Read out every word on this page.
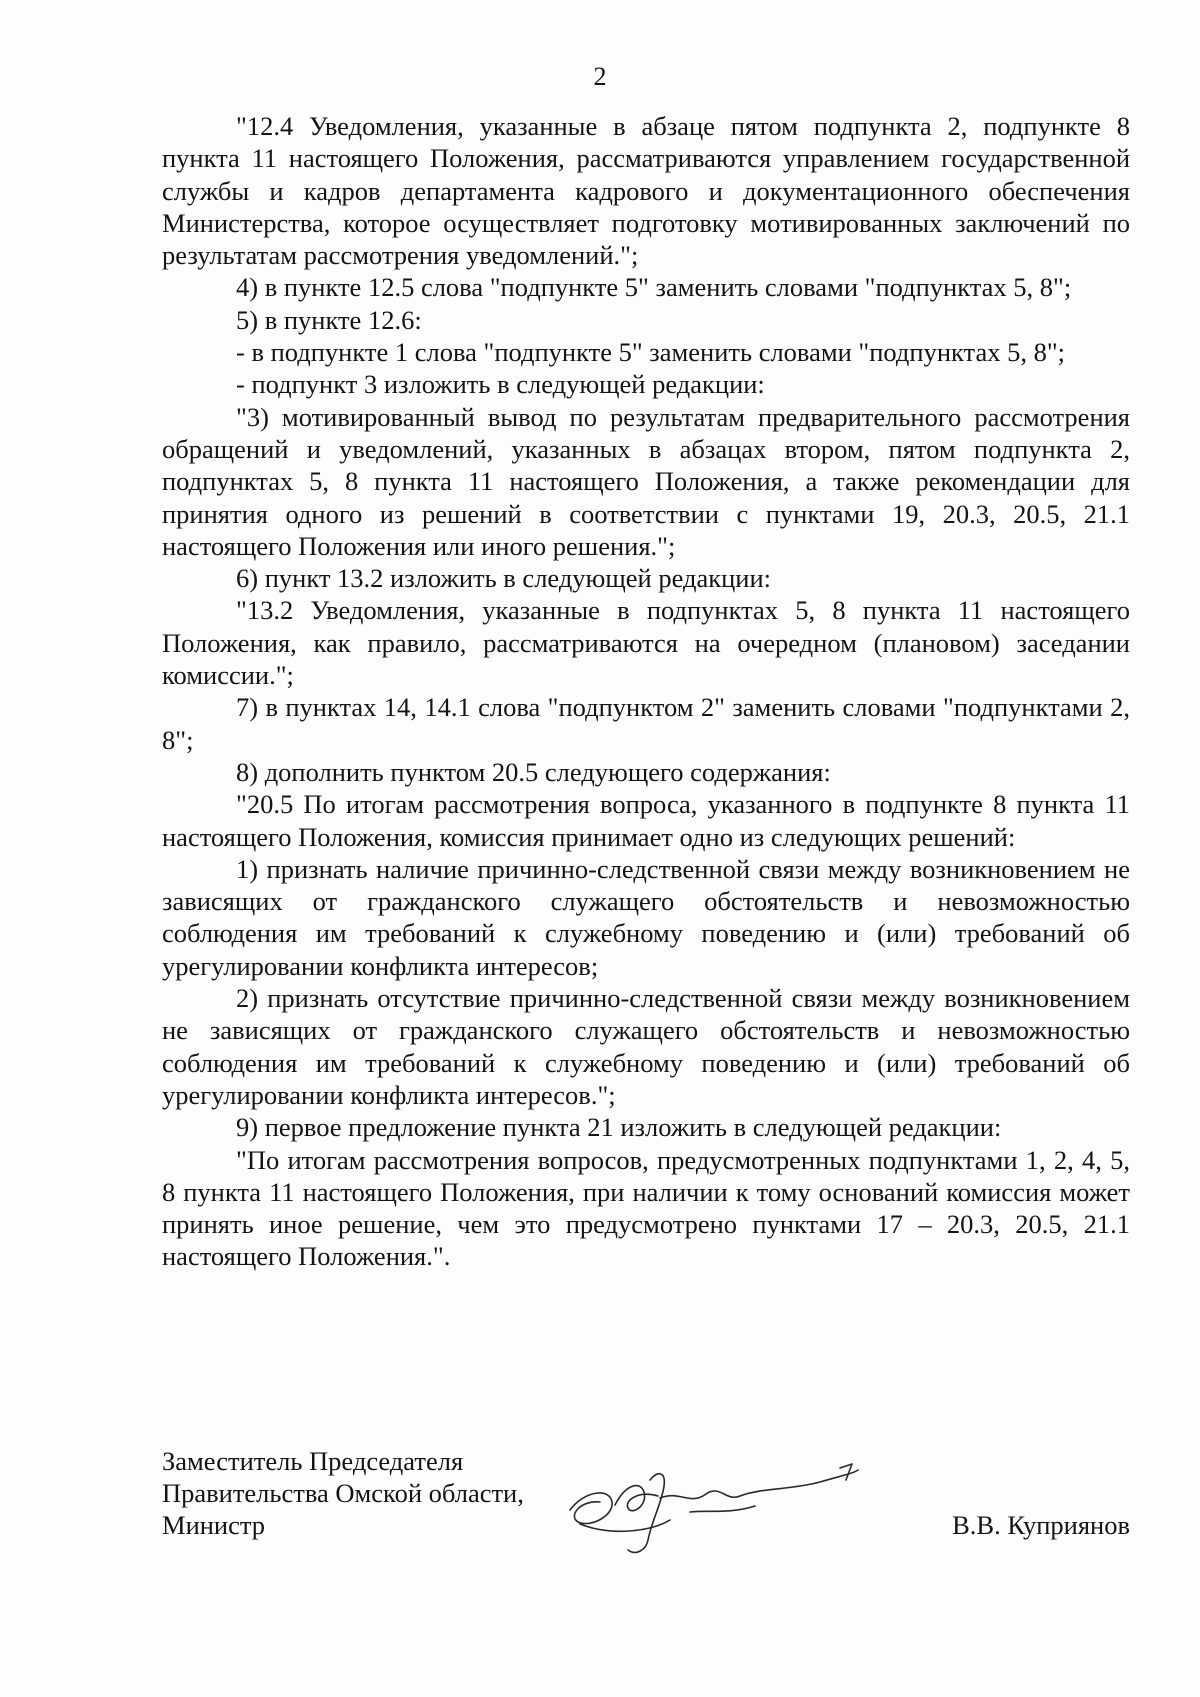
2

"12.4 Уведомления, указанные в абзаце пятом подпункта 2, подпункте 8 пункта 11 настоящего Положения, рассматриваются управлением государственной службы и кадров департамента кадрового и документационного обеспечения Министерства, которое осуществляет подготовку мотивированных заключений по результатам рассмотрения уведомлений.";

4) в пункте 12.5 слова "подпункте 5" заменить словами "подпунктах 5, 8";

5) в пункте 12.6:

- в подпункте 1 слова "подпункте 5" заменить словами "подпунктах 5, 8";

- подпункт 3 изложить в следующей редакции:

"3) мотивированный вывод по результатам предварительного рассмотрения обращений и уведомлений, указанных в абзацах втором, пятом подпункта 2, подпунктах 5, 8 пункта 11 настоящего Положения, а также рекомендации для принятия одного из решений в соответствии с пунктами 19, 20.3, 20.5, 21.1 настоящего Положения или иного решения.";

6) пункт 13.2 изложить в следующей редакции:

"13.2 Уведомления, указанные в подпунктах 5, 8 пункта 11 настоящего Положения, как правило, рассматриваются на очередном (плановом) заседании комиссии.";

7) в пунктах 14, 14.1 слова "подпунктом 2" заменить словами "подпунктами 2, 8";

8) дополнить пунктом 20.5 следующего содержания:

"20.5 По итогам рассмотрения вопроса, указанного в подпункте 8 пункта 11 настоящего Положения, комиссия принимает одно из следующих решений:

1) признать наличие причинно-следственной связи между возникновением не зависящих от гражданского служащего обстоятельств и невозможностью соблюдения им требований к служебному поведению и (или) требований об урегулировании конфликта интересов;

2) признать отсутствие причинно-следственной связи между возникновением не зависящих от гражданского служащего обстоятельств и невозможностью соблюдения им требований к служебному поведению и (или) требований об урегулировании конфликта интересов.";

9) первое предложение пункта 21 изложить в следующей редакции:

"По итогам рассмотрения вопросов, предусмотренных подпунктами 1, 2, 4, 5, 8 пункта 11 настоящего Положения, при наличии к тому оснований комиссия может принять иное решение, чем это предусмотрено пунктами 17 – 20.3, 20.5, 21.1 настоящего Положения.".

Заместитель Председателя
Правительства Омской области,
Министр	В.В. Куприянов
